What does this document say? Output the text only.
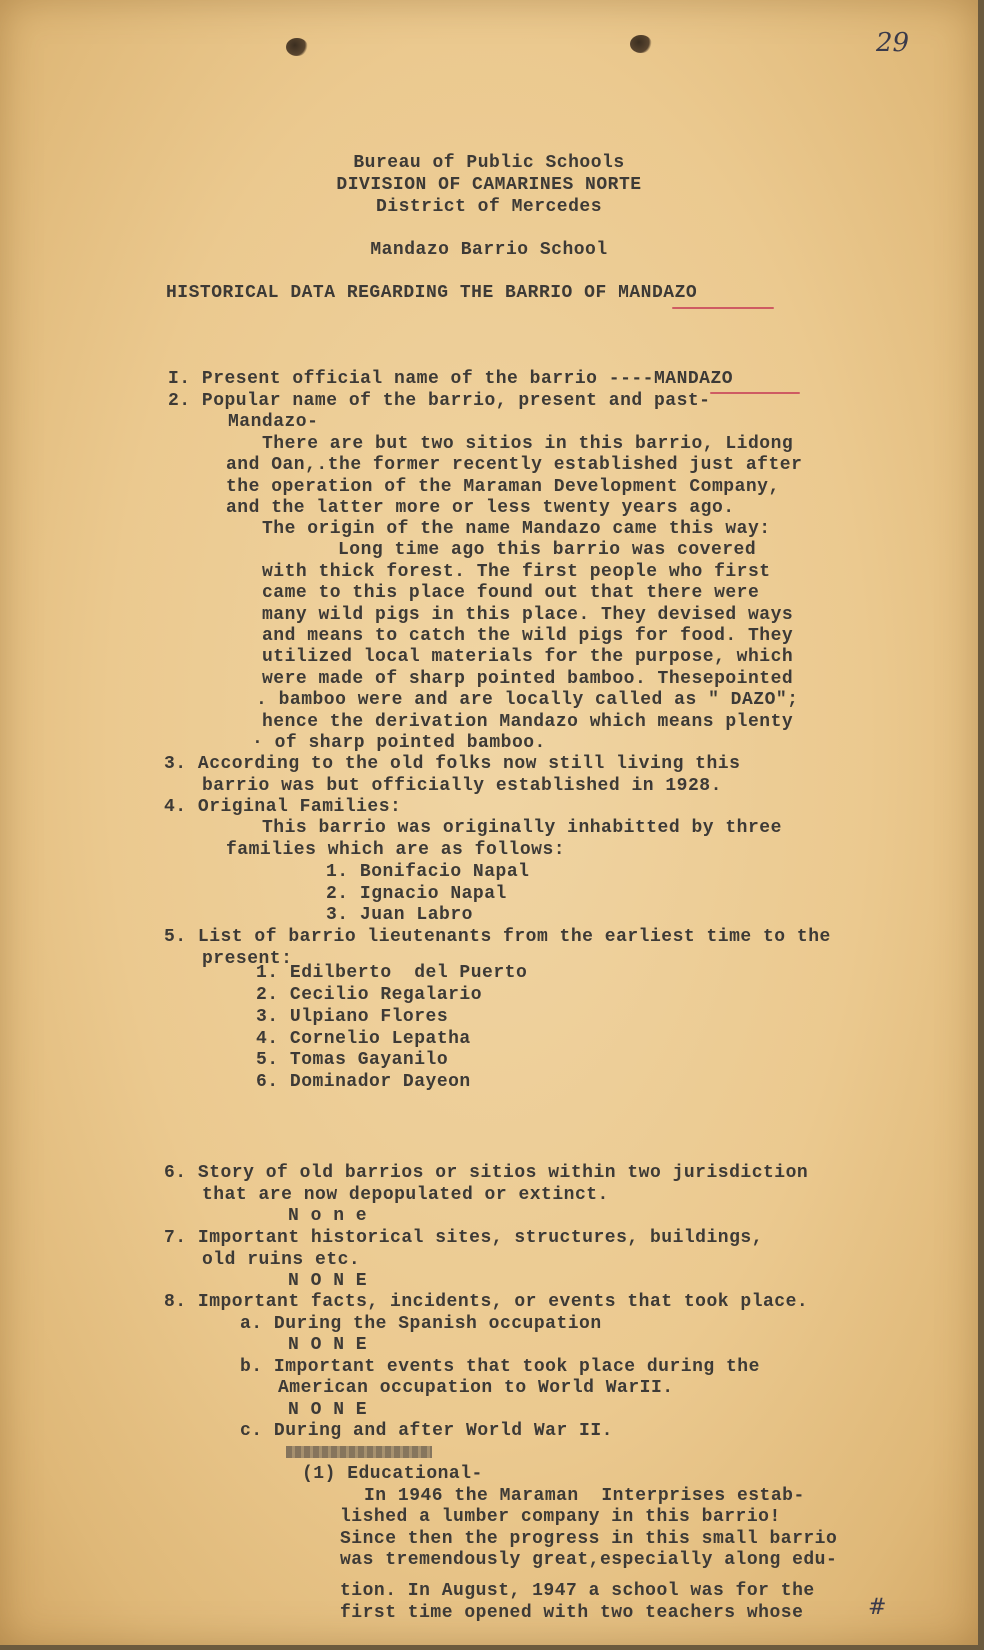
29
Bureau of Public Schools
DIVISION OF CAMARINES NORTE
District of Mercedes
Mandazo Barrio School
HISTORICAL DATA REGARDING THE BARRIO OF MANDAZO
I. Present official name of the barrio ----MANDAZO
2. Popular name of the barrio, present and past-
Mandazo-
There are but two sitios in this barrio, Lidong
and Oan,.the former recently established just after
the operation of the Maraman Development Company,
and the latter more or less twenty years ago.
The origin of the name Mandazo came this way:
Long time ago this barrio was covered
with thick forest. The first people who first
came to this place found out that there were
many wild pigs in this place. They devised ways
and means to catch the wild pigs for food. They
utilized local materials for the purpose, which
were made of sharp pointed bamboo. Thesepointed
. bamboo were and are locally called as " DAZO";
hence the derivation Mandazo which means plenty
· of sharp pointed bamboo.
3. According to the old folks now still living this
barrio was but officially established in 1928.
4. Original Families:
This barrio was originally inhabitted by three
families which are as follows:
1. Bonifacio Napal
2. Ignacio Napal
3. Juan Labro
5. List of barrio lieutenants from the earliest time to the
present:
1. Edilberto  del Puerto
2. Cecilio Regalario
3. Ulpiano Flores
4. Cornelio Lepatha
5. Tomas Gayanilo
6. Dominador Dayeon
6. Story of old barrios or sitios within two jurisdiction
that are now depopulated or extinct.
N o n e
7. Important historical sites, structures, buildings,
old ruins etc.
N O N E
8. Important facts, incidents, or events that took place.
a. During the Spanish occupation
N O N E
b. Important events that took place during the
American occupation to World WarII.
N O N E
c. During and after World War II.
(1) Educational-
In 1946 the Maraman  Interprises estab-
lished a lumber company in this barrio!
Since then the progress in this small barrio
was tremendously great,especially along edu-
tion. In August, 1947 a school was for the
first time opened with two teachers whose	#
